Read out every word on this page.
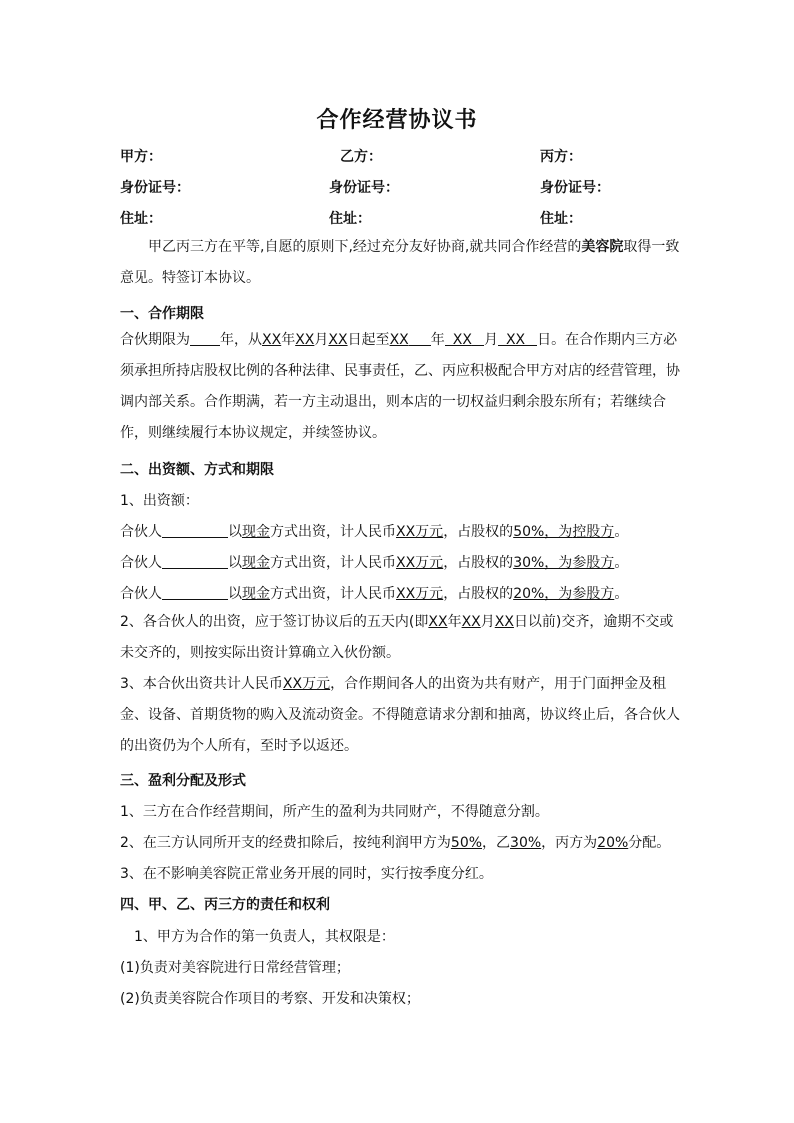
合作经营协议书
甲方：	乙方：	丙方：
身份证号：	身份证号：	身份证号：
住址：	住址：	住址：
甲乙丙三方在平等,自愿的原则下,经过充分友好协商,就共同合作经营的美容院取得一致意见。特签订本协议。
一、合作期限
合伙期限为 年，从XX年XX月XX日起至XX 年 XX 月 XX 日。在合作期内三方必须承担所持店股权比例的各种法律、民事责任，乙、丙应积极配合甲方对店的经营管理，协调内部关系。合作期满，若一方主动退出，则本店的一切权益归剩余股东所有；若继续合作，则继续履行本协议规定，并续签协议。
二、出资额、方式和期限
1、出资额：
合伙人	以现金方式出资，计人民币XX万元，占股权的50%，为控股方。
合伙人	以现金方式出资，计人民币XX万元，占股权的30%，为参股方。
合伙人	以现金方式出资，计人民币XX万元，占股权的20%，为参股方。
2、各合伙人的出资，应于签订协议后的五天内(即XX年XX月XX日以前)交齐，逾期不交或未交齐的，则按实际出资计算确立入伙份额。
3、本合伙出资共计人民币XX万元，合作期间各人的出资为共有财产，用于门面押金及租金、设备、首期货物的购入及流动资金。不得随意请求分割和抽离，协议终止后，各合伙人的出资仍为个人所有，至时予以返还。
三、盈利分配及形式
1、三方在合作经营期间，所产生的盈利为共同财产，不得随意分割。
2、在三方认同所开支的经费扣除后，按纯利润甲方为50%，乙30%，丙方为20%分配。
3、在不影响美容院正常业务开展的同时，实行按季度分红。
四、甲、乙、丙三方的责任和权利
1、甲方为合作的第一负责人，其权限是：
(1)负责对美容院进行日常经营管理；
(2)负责美容院合作项目的考察、开发和决策权；
